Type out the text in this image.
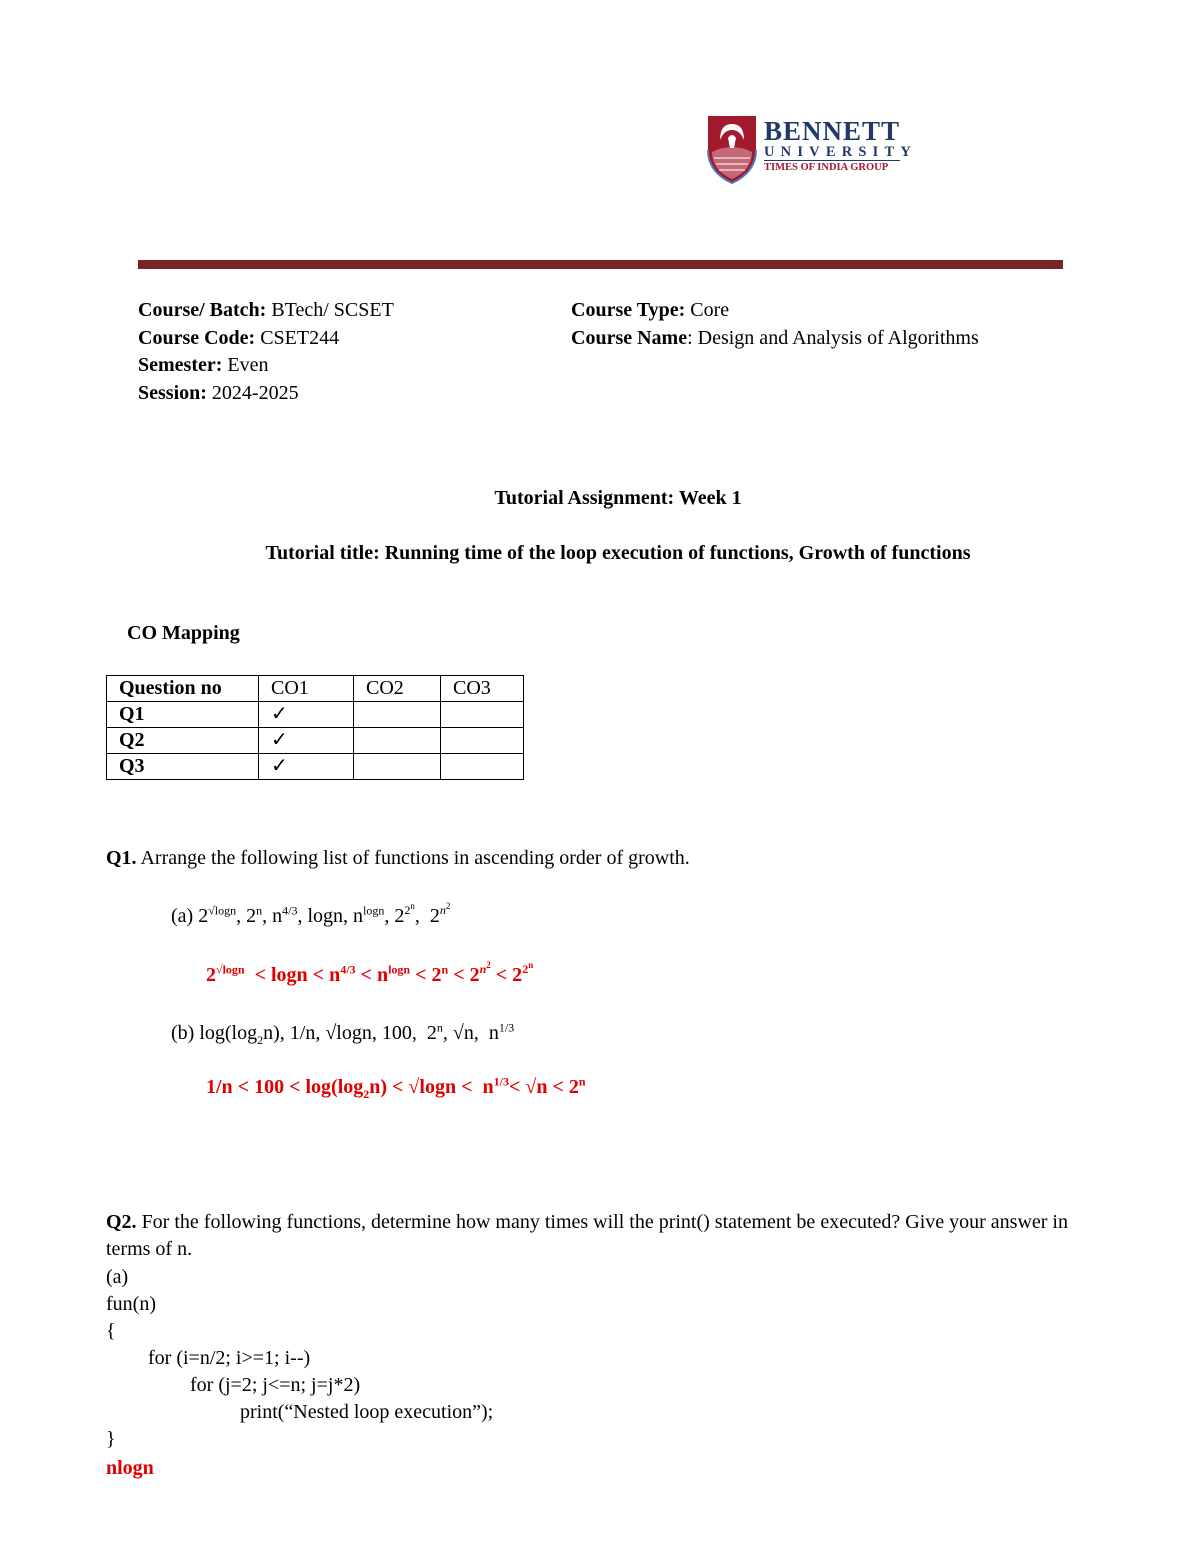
BENNETT
UNIVERSITY
TIMES OF INDIA GROUP
Course/ Batch: BTech/ SCSET
Course Code: CSET244
Semester: Even
Session: 2024-2025
Course Type: Core
Course Name: Design and Analysis of Algorithms
Tutorial Assignment: Week 1
Tutorial title: Running time of the loop execution of functions, Growth of functions
CO Mapping
Question no	CO1	CO2	CO3
Q1	✓		
Q2	✓		
Q3	✓		
Q1. Arrange the following list of functions in ascending order of growth.
(a) $2^{√logn}$, 2$^n$, $n^{4/3}$, logn, $n^{logn}$, $2^{2^n}$,  $2^{n^2}$
$2^{√logn} < \log n < n^{4/3} < n^{logn} < 2^n < 2^{n^2} < 2^{2^n}$
(b) $\log(\log_2n)$, 1/n, √logn, 100,  2$^n$, √n,  $n^{1/3}$
$1/n < 100 < \log(\log_2n) < √\log n < n^{1/3}< √n < 2^n$
Q2. For the following functions, determine how many times will the print() statement be executed? Give your answer in terms of n.
(a)
fun(n)
{
for (i=n/2; i>=1; i--)
for (j=2; j<=n; j=j*2)
print(“Nested loop execution”);
}
nlogn
